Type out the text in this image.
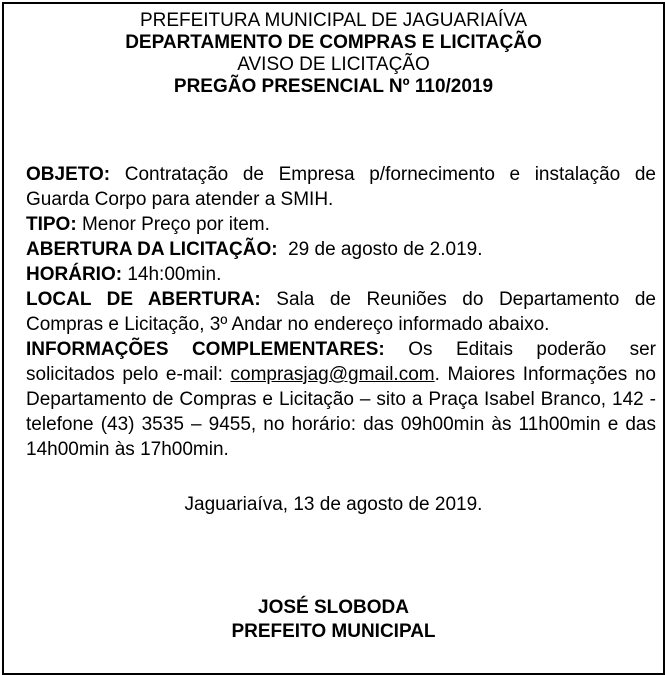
PREFEITURA MUNICIPAL DE JAGUARIAÍVA
DEPARTAMENTO DE COMPRAS E LICITAÇÃO
AVISO DE LICITAÇÃO
PREGÃO PRESENCIAL Nº 110/2019

OBJETO: Contratação de Empresa p/fornecimento e instalação de Guarda Corpo para atender a SMIH.

TIPO: Menor Preço por item.

ABERTURA DA LICITAÇÃO:  29 de agosto de 2.019.

HORÁRIO: 14h:00min.

LOCAL DE ABERTURA: Sala de Reuniões do Departamento de Compras e Licitação, 3º Andar no endereço informado abaixo.

INFORMAÇÕES COMPLEMENTARES: Os Editais poderão ser solicitados pelo e-mail: comprasjag@gmail.com. Maiores Informações no Departamento de Compras e Licitação – sito a Praça Isabel Branco, 142 - telefone (43) 3535 – 9455, no horário: das 09h00min às 11h00min e das 14h00min às 17h00min.

Jaguariaíva, 13 de agosto de 2019.
JOSÉ SLOBODA
PREFEITO MUNICIPAL
